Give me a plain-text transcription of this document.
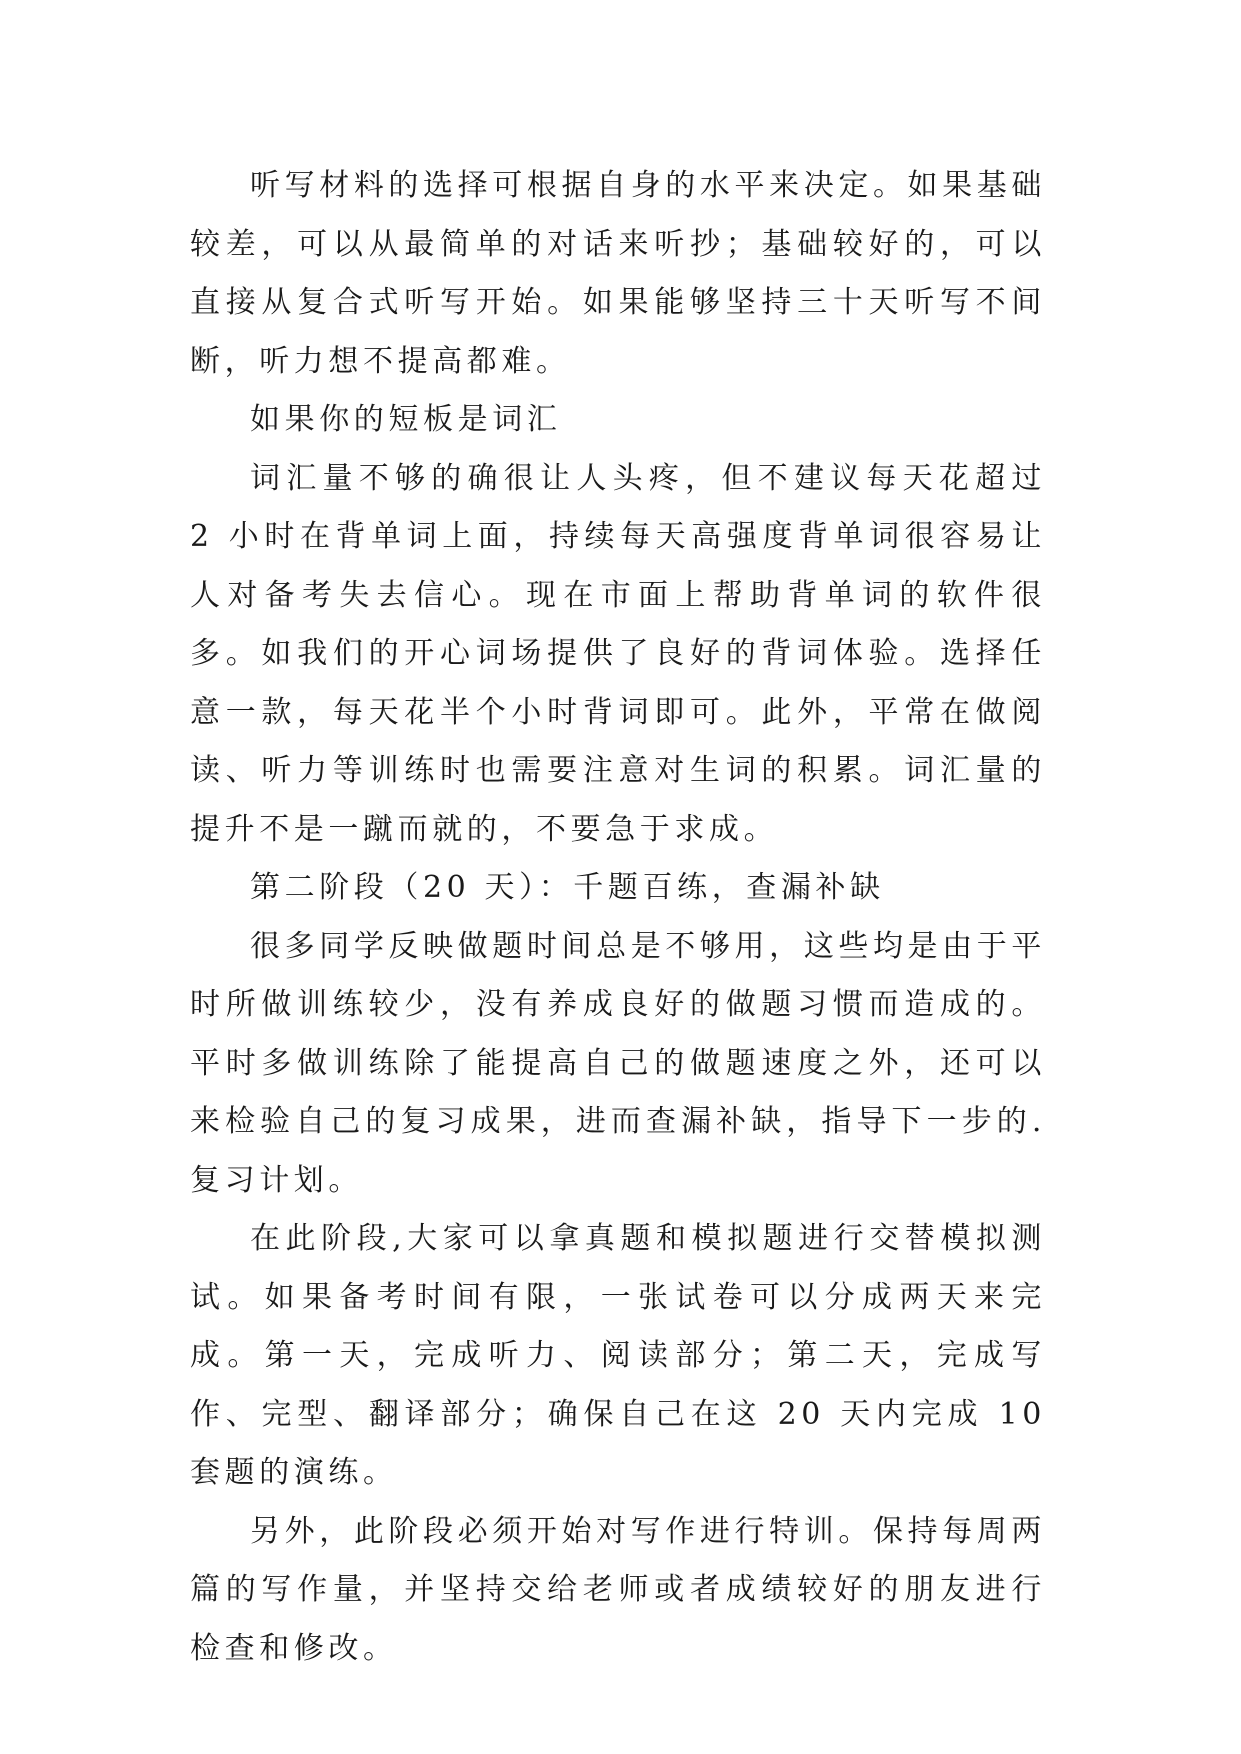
听写材料的选择可根据自身的水平来决定。如果基础较差，可以从最简单的对话来听抄；基础较好的，可以直接从复合式听写开始。如果能够坚持三十天听写不间断，听力想不提高都难。

如果你的短板是词汇

词汇量不够的确很让人头疼，但不建议每天花超过 2 小时在背单词上面，持续每天高强度背单词很容易让人对备考失去信心。现在市面上帮助背单词的软件很多。如我们的开心词场提供了良好的背词体验。选择任意一款，每天花半个小时背词即可。此外，平常在做阅读、听力等训练时也需要注意对生词的积累。词汇量的提升不是一蹴而就的，不要急于求成。

第二阶段（20 天）：千题百练，查漏补缺

很多同学反映做题时间总是不够用，这些均是由于平时所做训练较少，没有养成良好的做题习惯而造成的。平时多做训练除了能提高自己的做题速度之外，还可以来检验自己的复习成果，进而查漏补缺，指导下一步的.复习计划。

在此阶段,大家可以拿真题和模拟题进行交替模拟测试。如果备考时间有限，一张试卷可以分成两天来完成。第一天，完成听力、阅读部分；第二天，完成写作、完型、翻译部分；确保自己在这 20 天内完成 10 套题的演练。

另外，此阶段必须开始对写作进行特训。保持每周两篇的写作量，并坚持交给老师或者成绩较好的朋友进行检查和修改。
